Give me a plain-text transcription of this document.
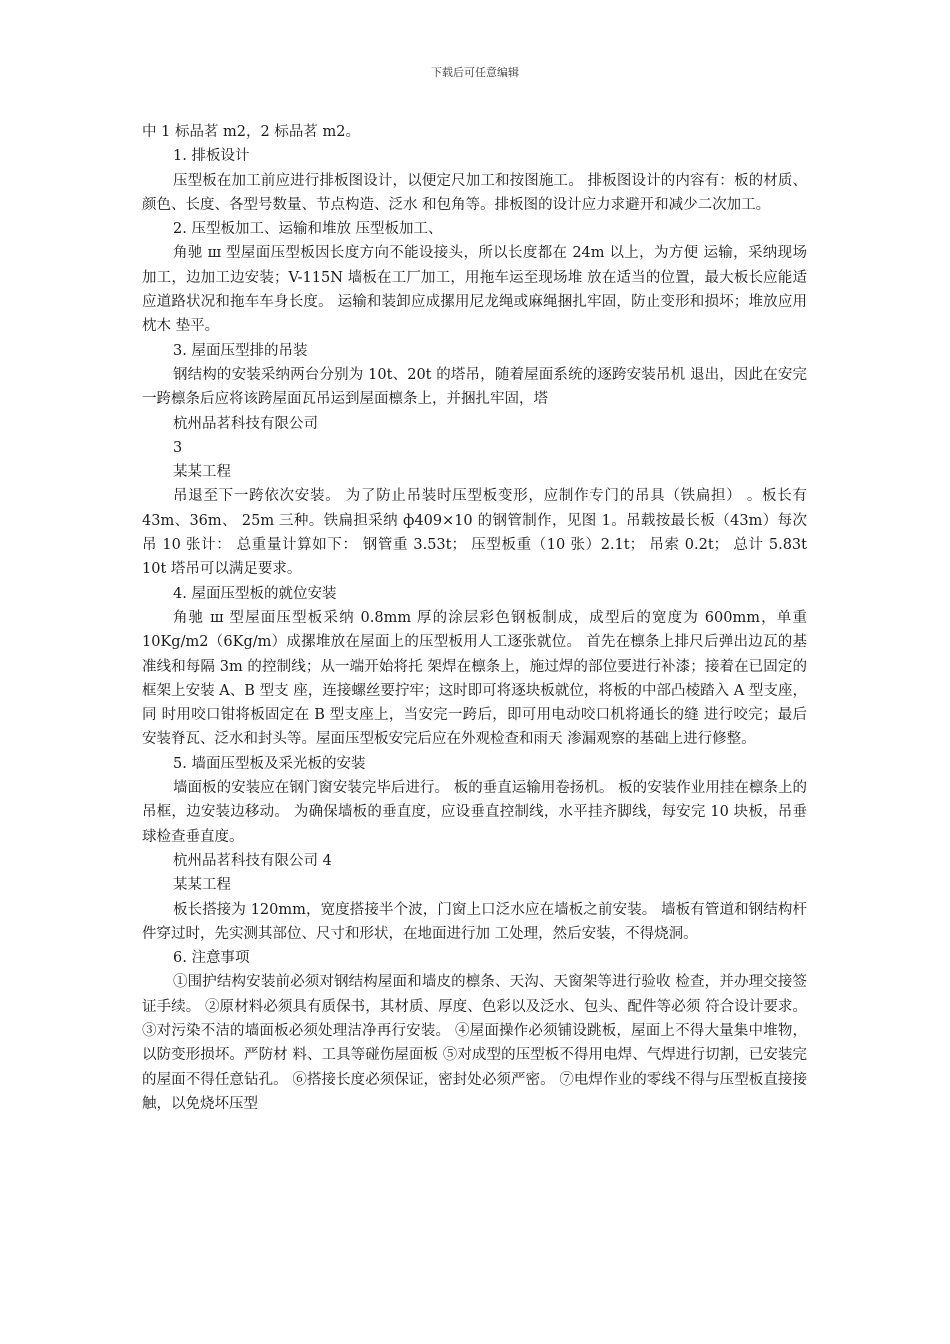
下载后可任意编辑

中 1 标品茗 m2，2 标品茗 m2。

1. 排板设计

压型板在加工前应进行排板图设计，以便定尺加工和按图施工。 排板图设计的内容有：板的材质、颜色、长度、各型号数量、节点构造、泛水 和包角等。排板图的设计应力求避开和减少二次加工。

2. 压型板加工、运输和堆放 压型板加工、

角驰 ш 型屋面压型板因长度方向不能设接头，所以长度都在 24m 以上，为方便 运输，采纳现场加工，边加工边安装；V-115N 墙板在工厂加工，用拖车运至现场堆 放在适当的位置，最大板长应能适应道路状况和拖车车身长度。 运输和装卸应成摞用尼龙绳或麻绳捆扎牢固，防止变形和损坏；堆放应用枕木 垫平。

3. 屋面压型排的吊装

钢结构的安装采纳两台分别为 10t、20t 的塔吊，随着屋面系统的逐跨安装吊机 退出，因此在安完一跨檩条后应将该跨屋面瓦吊运到屋面檩条上，并捆扎牢固，塔

杭州品茗科技有限公司

3

某某工程

吊退至下一跨依次安装。 为了防止吊装时压型板变形，应制作专门的吊具（铁扁担） 。板长有 43m、36m、 25m 三种。铁扁担采纳 ф409×10 的钢管制作，见图 1。吊载按最长板（43m）每次 吊 10 张计： 总重量计算如下： 钢管重 3.53t； 压型板重（10 张）2.1t； 吊索 0.2t； 总计 5.83t 10t 塔吊可以满足要求。

4. 屋面压型板的就位安装

角驰 ш 型屋面压型板采纳 0.8mm 厚的涂层彩色钢板制成，成型后的宽度为 600mm，单重 10Kg/m2（6Kg/m）成摞堆放在屋面上的压型板用人工逐张就位。 首先在檩条上排尺后弹出边瓦的基准线和每隔 3m 的控制线；从一端开始将托 架焊在檩条上，施过焊的部位要进行补漆；接着在已固定的框架上安装 A、B 型支 座，连接螺丝要拧牢；这时即可将逐块板就位，将板的中部凸棱踏入 A 型支座，同 时用咬口钳将板固定在 B 型支座上，当安完一跨后，即可用电动咬口机将通长的缝 进行咬完；最后安装脊瓦、泛水和封头等。屋面压型板安完后应在外观检查和雨天 渗漏观察的基础上进行修整。

5. 墙面压型板及采光板的安装

墙面板的安装应在钢门窗安装完毕后进行。 板的垂直运输用卷扬机。 板的安装作业用挂在檩条上的吊框，边安装边移动。 为确保墙板的垂直度，应设垂直控制线，水平挂齐脚线，每安完 10 块板，吊垂 球检查垂直度。

杭州品茗科技有限公司 4

某某工程

板长搭接为 120mm，宽度搭接半个波，门窗上口泛水应在墙板之前安装。 墙板有管道和钢结构杆件穿过时，先实测其部位、尺寸和形状，在地面进行加 工处理，然后安装，不得烧洞。

6. 注意事项

①围护结构安装前必须对钢结构屋面和墙皮的檩条、天沟、天窗架等进行验收 检查，并办理交接签证手续。 ②原材料必须具有质保书，其材质、厚度、色彩以及泛水、包头、配件等必须 符合设计要求。 ③对污染不洁的墙面板必须处理洁净再行安装。 ④屋面操作必须铺设跳板，屋面上不得大量集中堆物，以防变形损坏。严防材 料、工具等碰伤屋面板 ⑤对成型的压型板不得用电焊、气焊进行切割，已安装完的屋面不得任意钻孔。 ⑥搭接长度必须保证，密封处必须严密。 ⑦电焊作业的零线不得与压型板直接接触，以免烧坏压型
